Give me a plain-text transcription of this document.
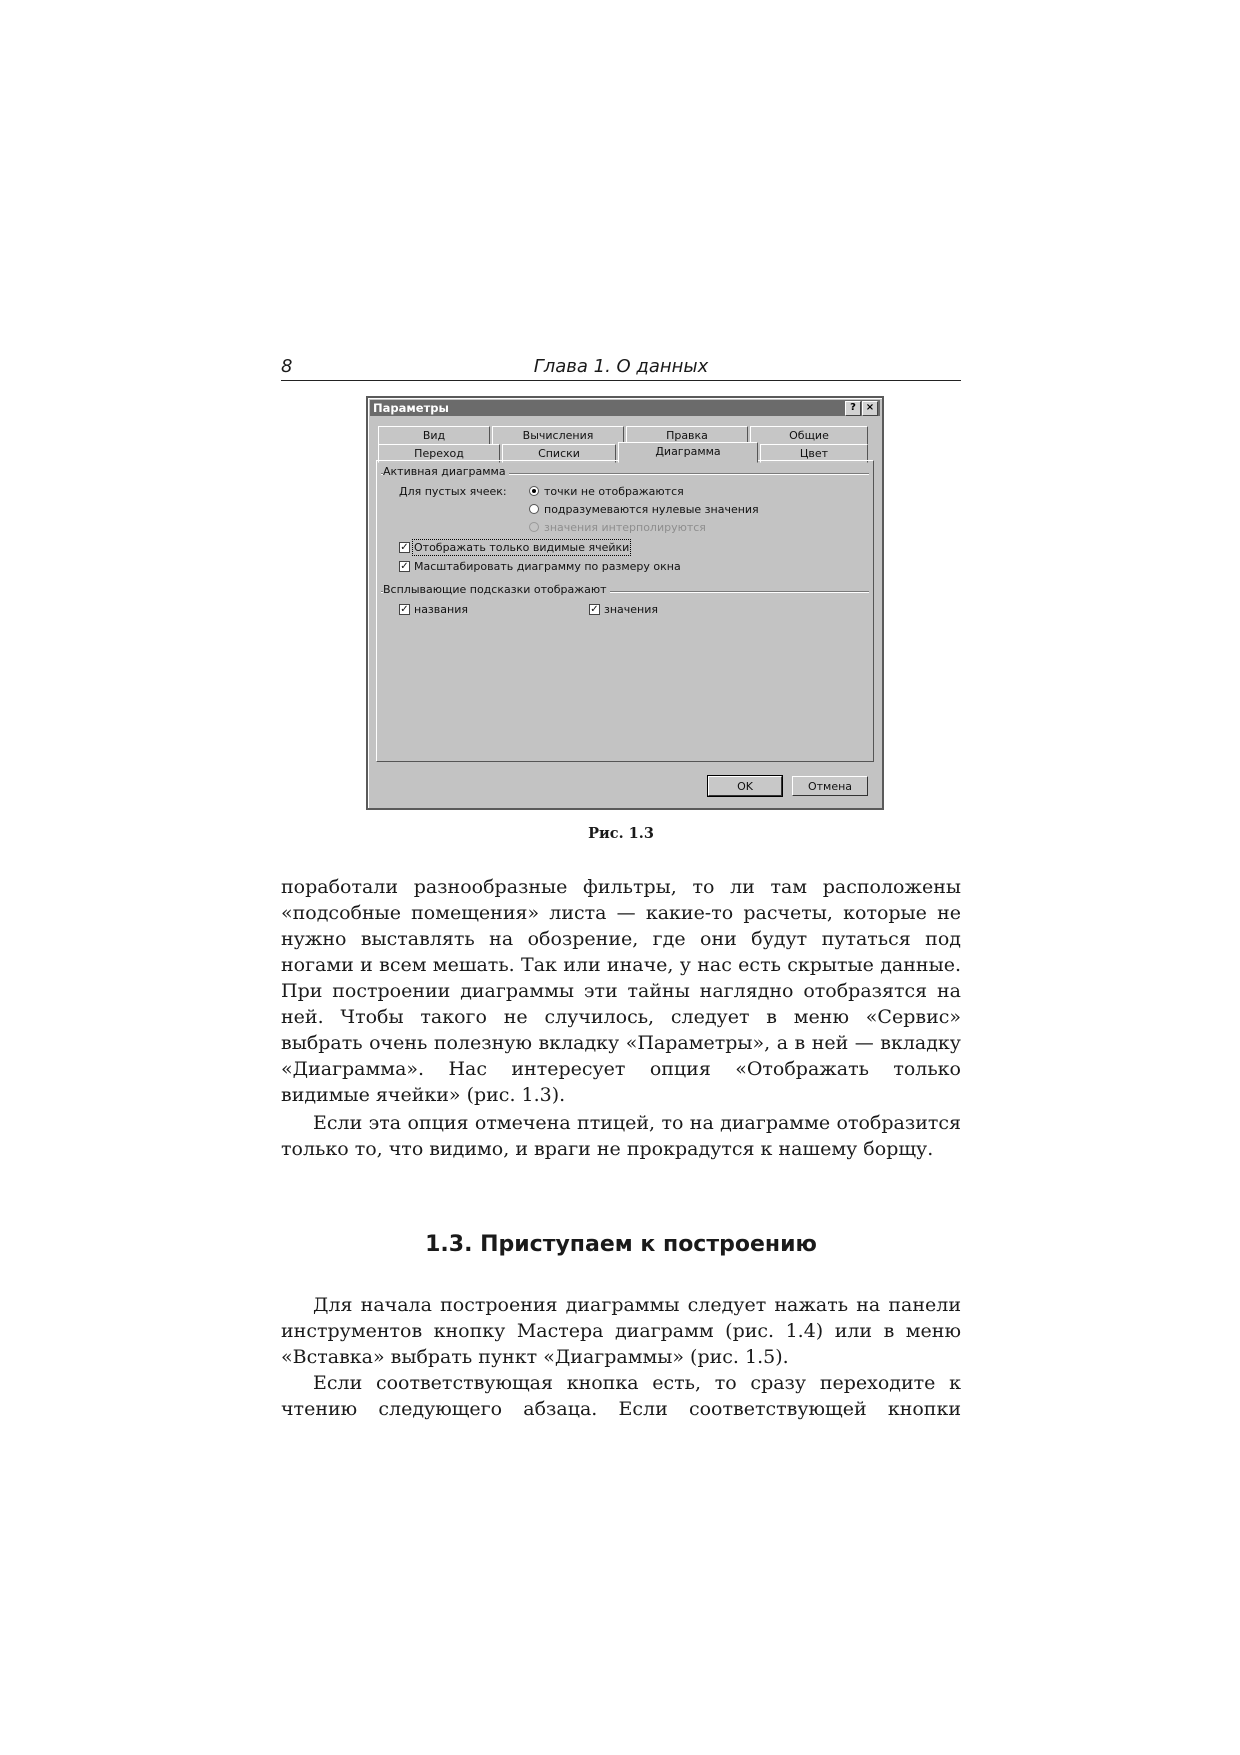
8	Глава 1. О данных
Параметры	? ×
Вид	Вычисления	Правка	Общие
Переход	Списки	Диаграмма	Цвет
Активная диаграмма
Для пустых ячеек:	точки не отображаются
подразумеваются нулевые значения
значения интерполируются
✓ Отображать только видимые ячейки
✓ Масштабировать диаграмму по размеру окна
Всплывающие подсказки отображают
✓ названия	✓ значения
OK	Отмена
Рис. 1.3

поработали разнообразные фильтры, то ли там расположены «подсобные помещения» листа — какие-то расчеты, которые не нужно выставлять на обозрение, где они будут путаться под ногами и всем мешать. Так или иначе, у нас есть скрытые данные. При построении диаграммы эти тайны наглядно отобразятся на ней. Чтобы такого не случилось, следует в меню «Сервис» выбрать очень полезную вкладку «Параметры», а в ней — вкладку «Диаграмма». Нас интересует опция «Отображать только видимые ячейки» (рис. 1.3).

Если эта опция отмечена птицей, то на диаграмме отобразится только то, что видимо, и враги не прокрадутся к нашему борщу.

1.3. Приступаем к построению

Для начала построения диаграммы следует нажать на панели инструментов кнопку Мастера диаграмм (рис. 1.4) или в меню «Вставка» выбрать пункт «Диаграммы» (рис. 1.5).

Если соответствующая кнопка есть, то сразу переходите к чтению следующего абзаца. Если соответствующей кнопки
